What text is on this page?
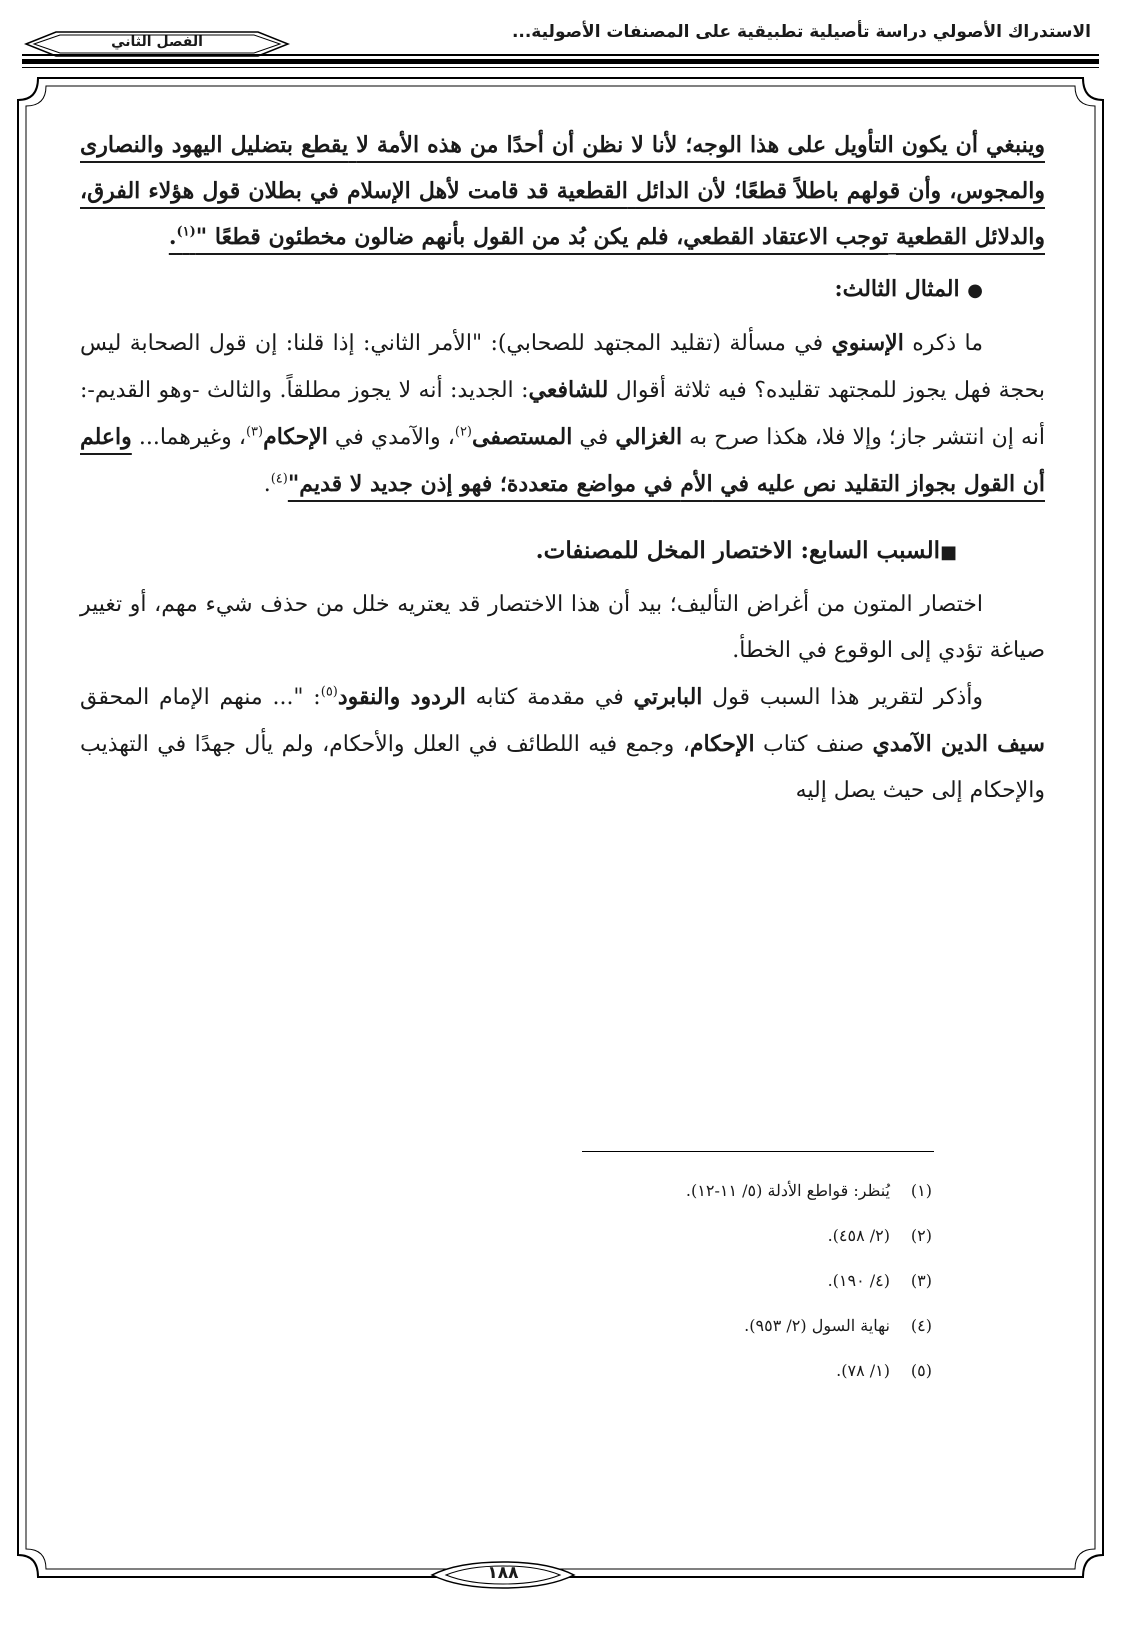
الاستدراك الأصولي دراسة تأصيلية تطبيقية على المصنفات الأصولية...
الفصل الثاني

وينبغي أن يكون التأويل على هذا الوجه؛ لأنا لا نظن أن أحدًا من هذه الأمة لا يقطع بتضليل اليهود والنصارى والمجوس، وأن قولهم باطلاً قطعًا؛ لأن الدائل القطعية قد قامت لأهل الإسلام في بطلان قول هؤلاء الفرق، والدلائل القطعية توجب الاعتقاد القطعي، فلم يكن بُد من القول بأنهم ضالون مخطئون قطعًا "$^{(١)}$.

● المثال الثالث:

ما ذكره الإسنوي في مسألة (تقليد المجتهد للصحابي): "الأمر الثاني: إذا قلنا: إن قول الصحابة ليس بحجة فهل يجوز للمجتهد تقليده؟ فيه ثلاثة أقوال للشافعي: الجديد: أنه لا يجوز مطلقاً. والثالث -وهو القديم-: أنه إن انتشر جاز؛ وإلا فلا، هكذا صرح به الغزالي في المستصفى$^{(٢)}$، والآمدي في الإحكام$^{(٣)}$، وغيرهما... واعلم أن القول بجواز التقليد نص عليه في الأم في مواضع متعددة؛ فهو إذن جديد لا قديم"$^{(٤)}$.

■السبب السابع: الاختصار المخل للمصنفات.

اختصار المتون من أغراض التأليف؛ بيد أن هذا الاختصار قد يعتريه خلل من حذف شيء مهم، أو تغيير صياغة تؤدي إلى الوقوع في الخطأ.

وأذكر لتقرير هذا السبب قول البابرتي في مقدمة كتابه الردود والنقود$^{(٥)}$: "... منهم الإمام المحقق سيف الدين الآمدي صنف كتاب الإحكام، وجمع فيه اللطائف في العلل والأحكام، ولم يأل جهدًا في التهذيب والإحكام إلى حيث يصل إليه

(١)يُنظر: قواطع الأدلة (٥/ ١١-١٢).

(٢)(٢/ ٤٥٨).

(٣)(٤/ ١٩٠).

(٤)نهاية السول (٢/ ٩٥٣).

(٥)(١/ ٧٨).

١٨٨
